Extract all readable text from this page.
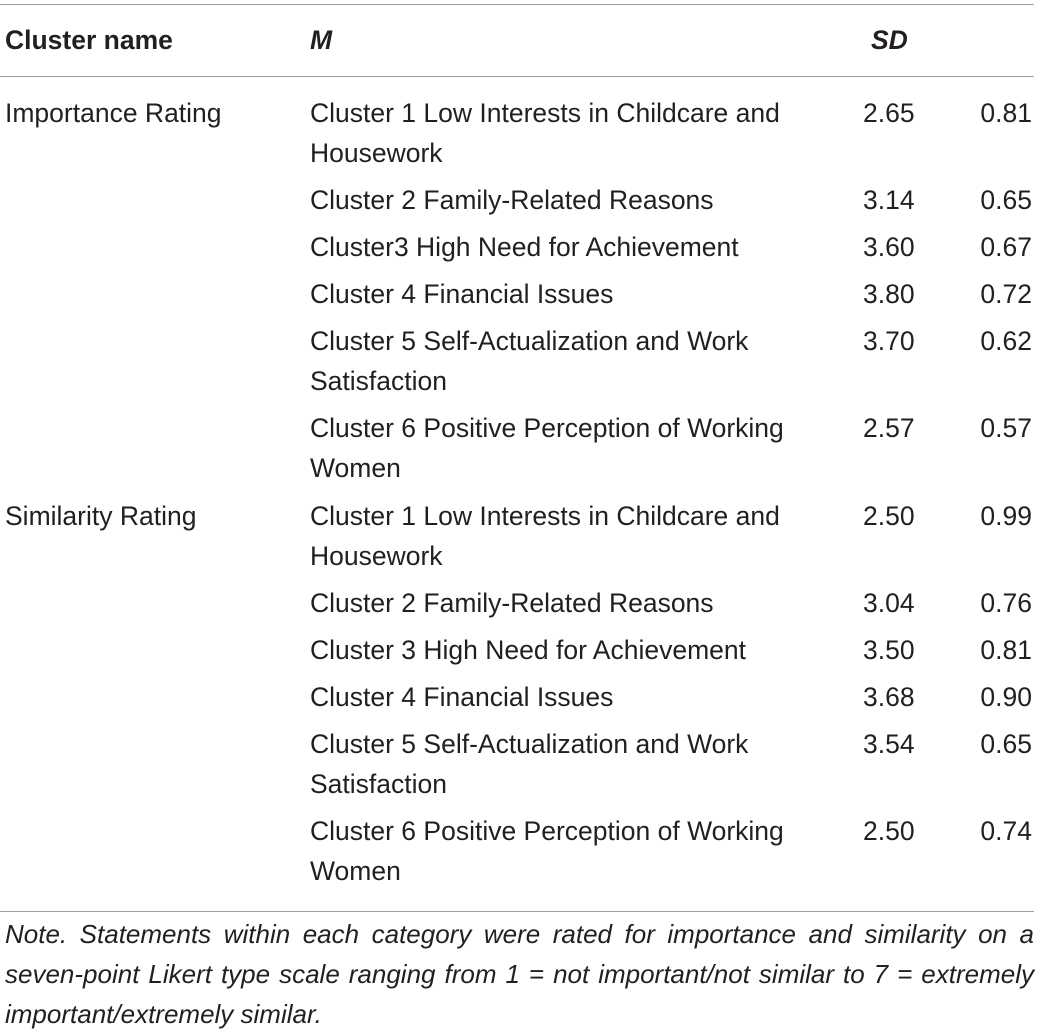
Cluster name	M	SD	
Importance Rating	Cluster 1 Low Interests in Childcare and Housework	2.65	0.81
	Cluster 2 Family-Related Reasons	3.14	0.65
	Cluster3 High Need for Achievement	3.60	0.67
	Cluster 4 Financial Issues	3.80	0.72
	Cluster 5 Self-Actualization and Work Satisfaction	3.70	0.62
	Cluster 6 Positive Perception of Working Women	2.57	0.57
Similarity Rating	Cluster 1 Low Interests in Childcare and Housework	2.50	0.99
	Cluster 2 Family-Related Reasons	3.04	0.76
	Cluster 3 High Need for Achievement	3.50	0.81
	Cluster 4 Financial Issues	3.68	0.90
	Cluster 5 Self-Actualization and Work Satisfaction	3.54	0.65
	Cluster 6 Positive Perception of Working Women	2.50	0.74
Note. Statements within each category were rated for importance and similarity on a seven-point Likert type scale ranging from 1 = not important/not similar to 7 = extremely important/extremely similar.
